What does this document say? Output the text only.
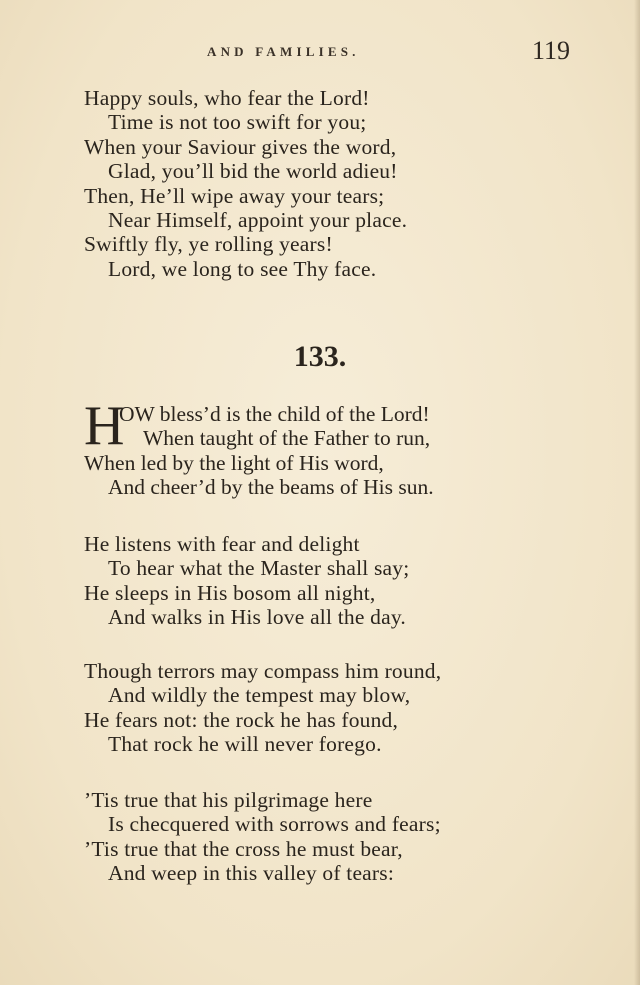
AND FAMILIES.	119
Happy souls, who fear the Lord!
Time is not too swift for you;
When your Saviour gives the word,
Glad, you’ll bid the world adieu!
Then, He’ll wipe away your tears;
Near Himself, appoint your place.
Swiftly fly, ye rolling years!
Lord, we long to see Thy face.
133.
H
OW bless’d is the child of the Lord!
When taught of the Father to run,
When led by the light of His word,
And cheer’d by the beams of His sun.
He listens with fear and delight
To hear what the Master shall say;
He sleeps in His bosom all night,
And walks in His love all the day.
Though terrors may compass him round,
And wildly the tempest may blow,
He fears not: the rock he has found,
That rock he will never forego.
’Tis true that his pilgrimage here
Is checquered with sorrows and fears;
’Tis true that the cross he must bear,
And weep in this valley of tears:
